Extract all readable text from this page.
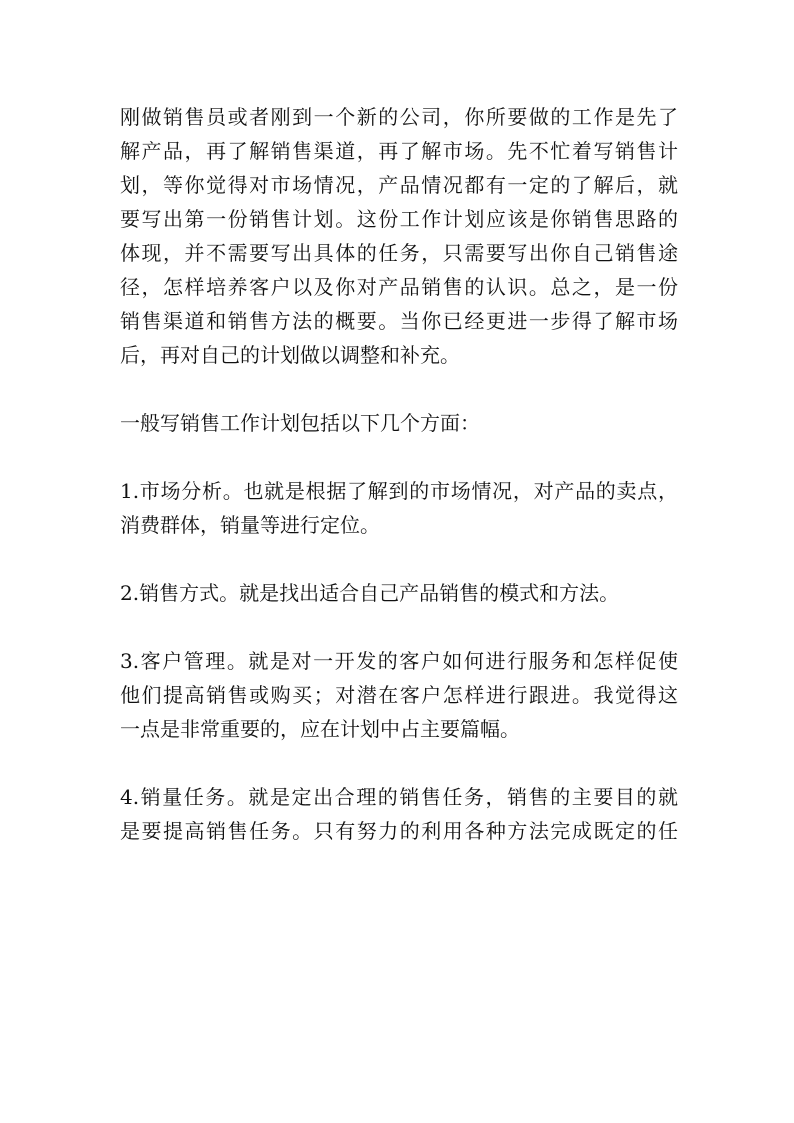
刚做销售员或者刚到一个新的公司，你所要做的工作是先了
解产品，再了解销售渠道，再了解市场。先不忙着写销售计
划，等你觉得对市场情况，产品情况都有一定的了解后，就
要写出第一份销售计划。这份工作计划应该是你销售思路的
体现，并不需要写出具体的任务，只需要写出你自己销售途
径，怎样培养客户以及你对产品销售的认识。总之，是一份
销售渠道和销售方法的概要。当你已经更进一步得了解市场
后，再对自己的计划做以调整和补充。

一般写销售工作计划包括以下几个方面：

1.市场分析。也就是根据了解到的市场情况，对产品的卖点，
消费群体，销量等进行定位。

2.销售方式。就是找出适合自己产品销售的模式和方法。

3.客户管理。就是对一开发的客户如何进行服务和怎样促使
他们提高销售或购买；对潜在客户怎样进行跟进。我觉得这
一点是非常重要的，应在计划中占主要篇幅。

4.销量任务。就是定出合理的销售任务，销售的主要目的就
是要提高销售任务。只有努力的利用各种方法完成既定的任
